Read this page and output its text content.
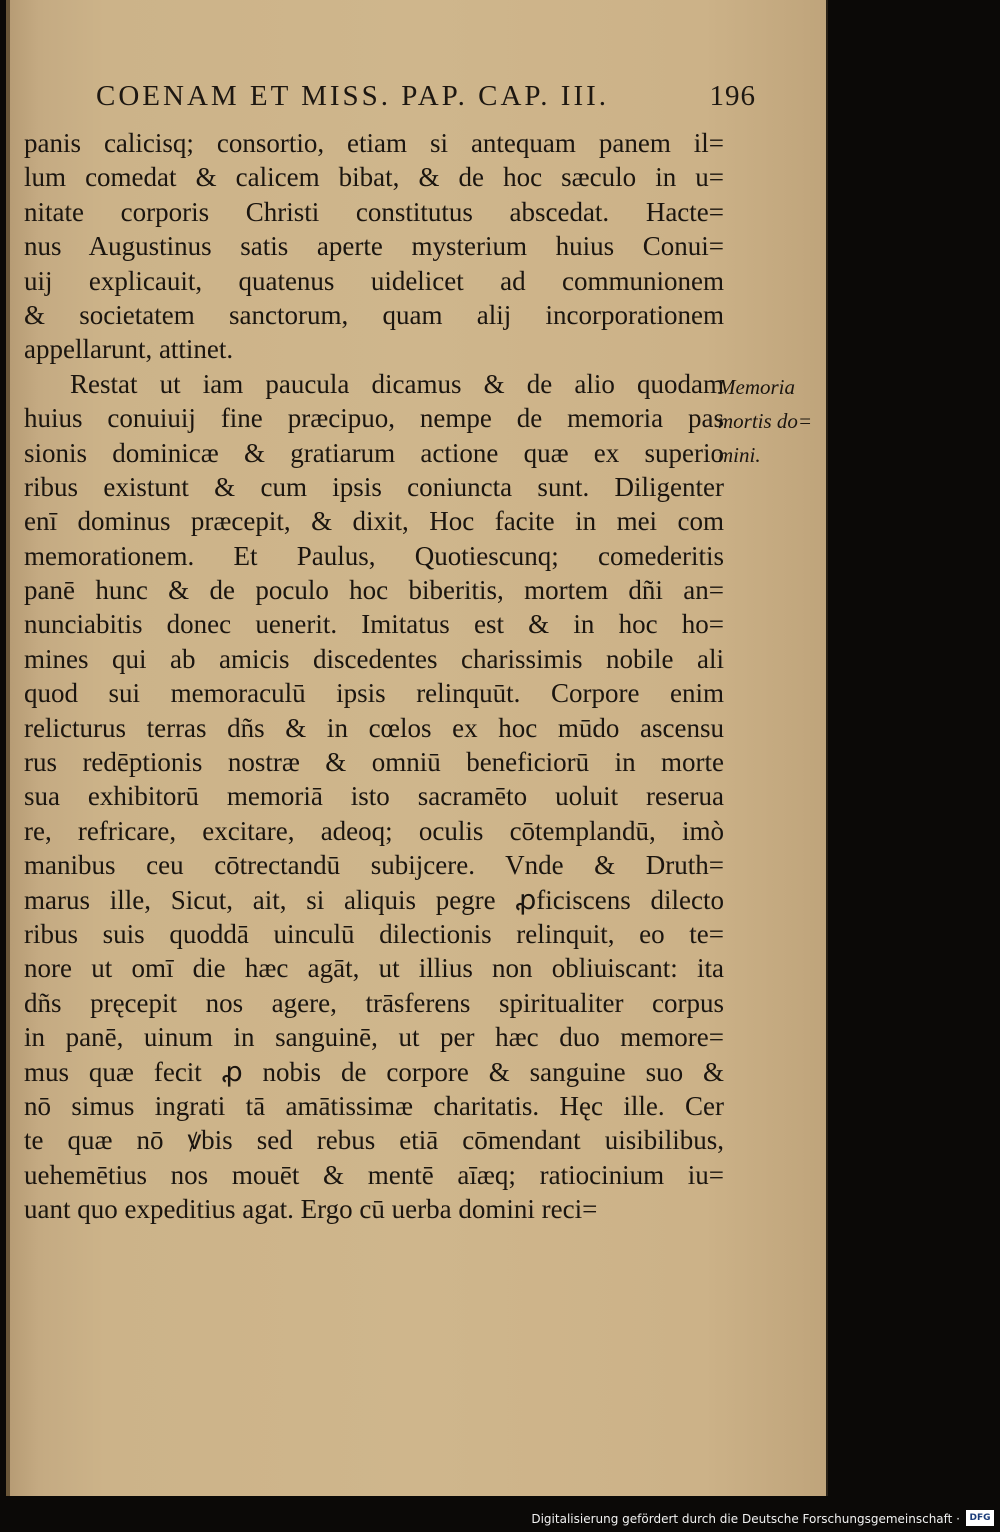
COENAM ET MISS. PAP. CAP. III.	196
panis calicisq; consortio, etiam si antequam panem il=
lum comedat & calicem bibat, & de hoc sæculo in u=
nitate corporis Christi constitutus abscedat. Hacte=
nus Augustinus satis aperte mysterium huius Conui=
uij explicauit, quatenus uidelicet ad communionem
& societatem sanctorum, quam alij incorporationem
appellarunt, attinet.
Restat ut iam paucula dicamus & de alio quodam
huius conuiuij fine præcipuo, nempe de memoria pas
sionis dominicæ & gratiarum actione quæ ex superio
ribus existunt & cum ipsis coniuncta sunt. Diligenter
enī dominus præcepit, & dixit, Hoc facite in mei com
memorationem. Et Paulus, Quotiescunq; comederitis
panē hunc & de poculo hoc biberitis, mortem dñi an=
nunciabitis donec uenerit. Imitatus est & in hoc ho=
mines qui ab amicis discedentes charissimis nobile ali
quod sui memoraculū ipsis relinquūt. Corpore enim
relicturus terras dñs & in cœlos ex hoc mūdo ascensu
rus redēptionis nostræ & omniū beneficiorū in morte
sua exhibitorū memoriā isto sacramēto uoluit reserua
re, refricare, excitare, adeoq; oculis cōtemplandū, imò
manibus ceu cōtrectandū subijcere. Vnde & Druth=
marus ille, Sicut, ait, si aliquis pegre ꝓficiscens dilecto
ribus suis quoddā uinculū dilectionis relinquit, eo te=
nore ut omī die hæc agāt, ut illius non obliuiscant: ita
dñs pręcepit nos agere, trāsferens spiritualiter corpus
in panē, uinum in sanguinē, ut per hæc duo memore=
mus quæ fecit ꝓ nobis de corpore & sanguine suo &
nō simus ingrati tā amātissimæ charitatis. Hęc ille. Cer
te quæ nō ꝟbis sed rebus etiā cōmendant uisibilibus,
uehemētius nos mouēt & mentē aīæq; ratiocinium iu=
uant quo expeditius agat. Ergo cū uerba domini reci=
Memoria
mortis do=
mini.
Digitalisierung gefördert durch die Deutsche Forschungsgemeinschaft ·	DFG
